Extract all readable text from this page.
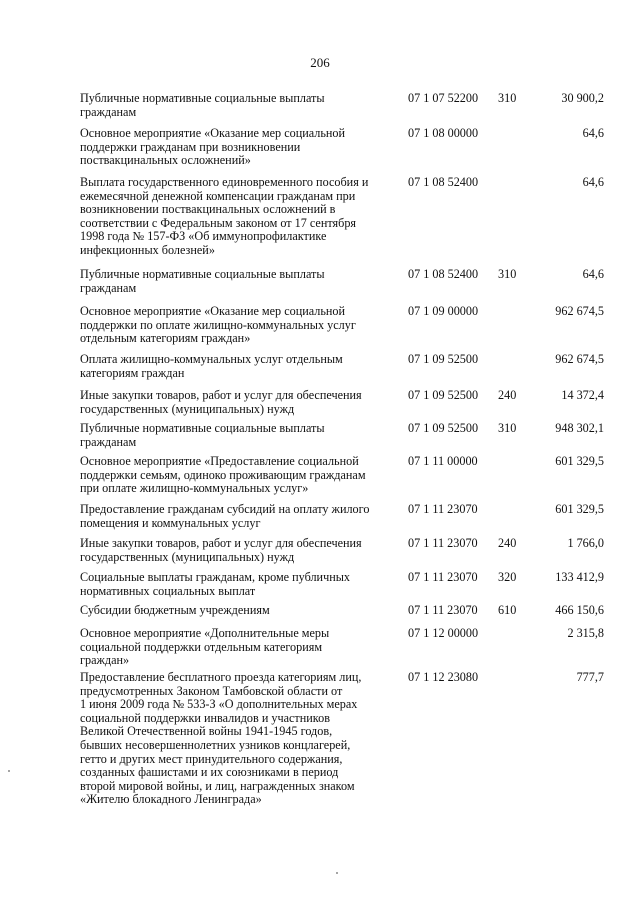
206
Публичные нормативные социальные выплаты
гражданам
07 1 07 52200 310	30 900,2
Основное мероприятие «Оказание мер социальной
поддержки гражданам при возникновении
поствакцинальных осложнений»
07 1 08 00000	64,6
Выплата государственного единовременного пособия и
ежемесячной денежной компенсации гражданам при
возникновении поствакцинальных осложнений в
соответствии с Федеральным законом от 17 сентября
1998 года № 157-ФЗ «Об иммунопрофилактике
инфекционных болезней»
07 1 08 52400	64,6
Публичные нормативные социальные выплаты
гражданам
07 1 08 52400 310	64,6
Основное мероприятие «Оказание мер социальной
поддержки по оплате жилищно-коммунальных услуг
отдельным категориям граждан»
07 1 09 00000	962 674,5
Оплата жилищно-коммунальных услуг отдельным
категориям граждан
07 1 09 52500	962 674,5
Иные закупки товаров, работ и услуг для обеспечения
государственных (муниципальных) нужд
07 1 09 52500 240	14 372,4
Публичные нормативные социальные выплаты
гражданам
07 1 09 52500 310	948 302,1
Основное мероприятие «Предоставление социальной
поддержки семьям, одиноко проживающим гражданам
при оплате жилищно-коммунальных услуг»
07 1 11 00000	601 329,5
Предоставление гражданам субсидий на оплату жилого
помещения и коммунальных услуг
07 1 11 23070	601 329,5
Иные закупки товаров, работ и услуг для обеспечения
государственных (муниципальных) нужд
07 1 11 23070 240	1 766,0
Социальные выплаты гражданам, кроме публичных
нормативных социальных выплат
07 1 11 23070 320	133 412,9
Субсидии бюджетным учреждениям	07 1 11 23070 610	466 150,6
Основное мероприятие «Дополнительные меры
социальной поддержки отдельным категориям
граждан»
07 1 12 00000	2 315,8
Предоставление бесплатного проезда категориям лиц,
предусмотренных Законом Тамбовской области от
1 июня 2009 года № 533-З «О дополнительных мерах
социальной поддержки инвалидов и участников
Великой Отечественной войны 1941-1945 годов,
бывших несовершеннолетних узников концлагерей,
гетто и других мест принудительного содержания,
созданных фашистами и их союзниками в период
второй мировой войны, и лиц, награжденных знаком
«Жителю блокадного Ленинграда»
07 1 12 23080	777,7
